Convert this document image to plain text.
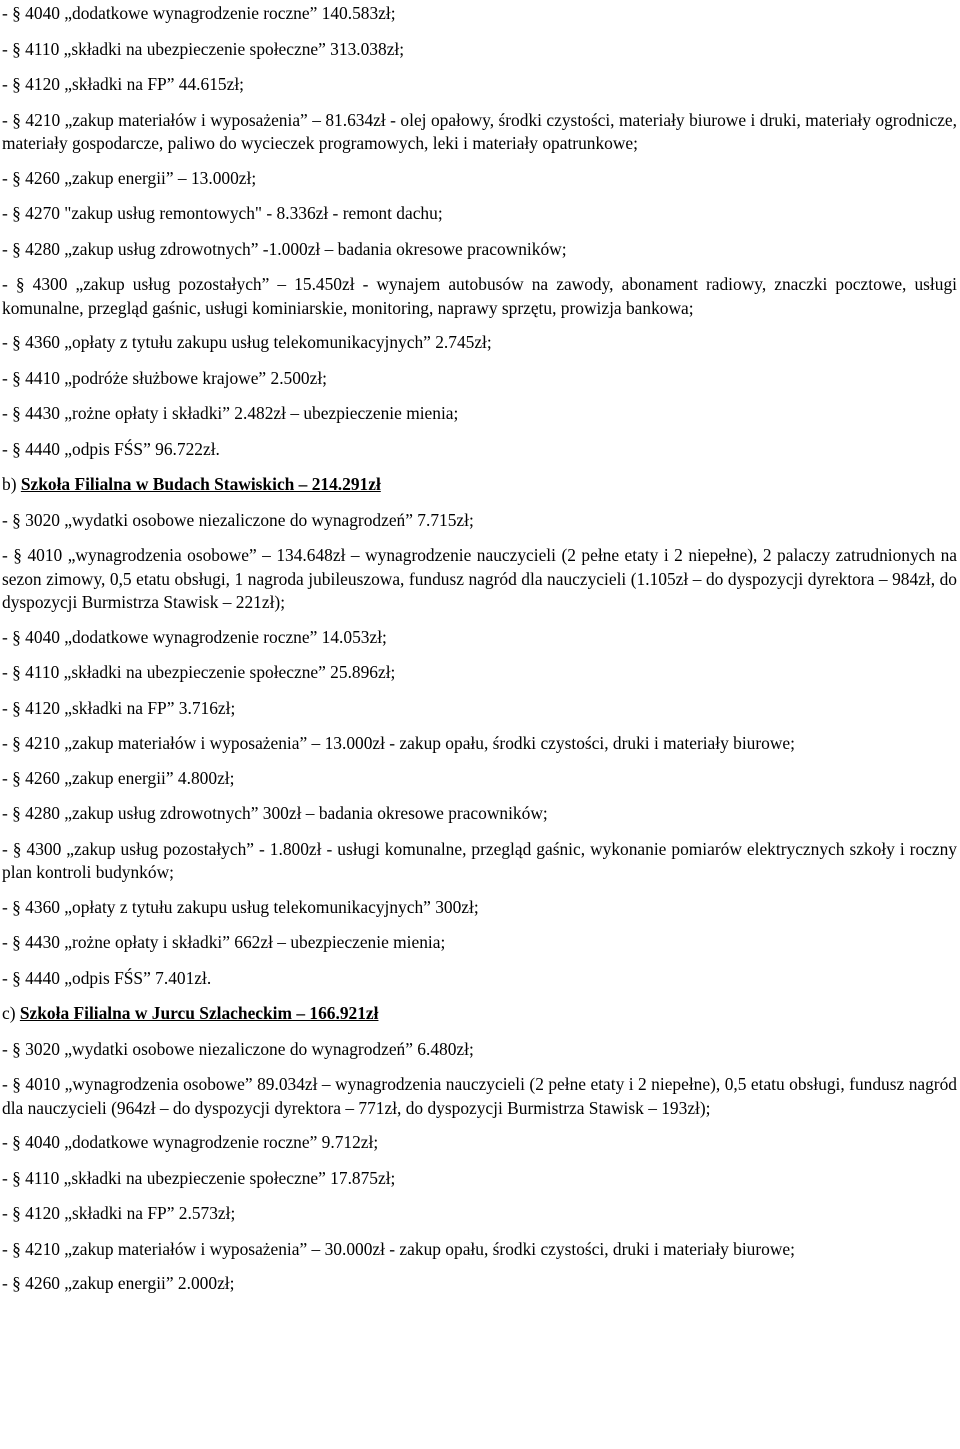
- § 4040 „dodatkowe wynagrodzenie roczne” 140.583zł;

- § 4110 „składki na ubezpieczenie społeczne” 313.038zł;

- § 4120 „składki na FP” 44.615zł;

- § 4210 „zakup materiałów i wyposażenia” – 81.634zł - olej opałowy, środki czystości, materiały biurowe i druki, materiały ogrodnicze, materiały gospodarcze, paliwo do wycieczek programowych, leki i materiały opatrunkowe;

- § 4260 „zakup energii” – 13.000zł;

- § 4270 "zakup usług remontowych" - 8.336zł - remont dachu;

- § 4280 „zakup usług zdrowotnych” -1.000zł – badania okresowe pracowników;

- § 4300 „zakup usług pozostałych” – 15.450zł - wynajem autobusów na zawody, abonament radiowy, znaczki pocztowe, usługi komunalne, przegląd gaśnic, usługi kominiarskie, monitoring, naprawy sprzętu, prowizja bankowa;

- § 4360 „opłaty z tytułu zakupu usług telekomunikacyjnych” 2.745zł;

- § 4410 „podróże służbowe krajowe” 2.500zł;

- § 4430 „rożne opłaty i składki” 2.482zł – ubezpieczenie mienia;

- § 4440 „odpis FŚS” 96.722zł.

b) Szkoła Filialna w Budach Stawiskich – 214.291zł

- § 3020 „wydatki osobowe niezaliczone do wynagrodzeń” 7.715zł;

- § 4010 „wynagrodzenia osobowe” – 134.648zł – wynagrodzenie nauczycieli (2 pełne etaty i 2 niepełne), 2 palaczy zatrudnionych na sezon zimowy, 0,5 etatu obsługi, 1 nagroda jubileuszowa, fundusz nagród dla nauczycieli (1.105zł – do dyspozycji dyrektora – 984zł, do dyspozycji Burmistrza Stawisk – 221zł);

- § 4040 „dodatkowe wynagrodzenie roczne” 14.053zł;

- § 4110 „składki na ubezpieczenie społeczne” 25.896zł;

- § 4120 „składki na FP” 3.716zł;

- § 4210 „zakup materiałów i wyposażenia” – 13.000zł - zakup opału, środki czystości, druki i materiały biurowe;

- § 4260 „zakup energii” 4.800zł;

- § 4280 „zakup usług zdrowotnych” 300zł – badania okresowe pracowników;

- § 4300 „zakup usług pozostałych” - 1.800zł - usługi komunalne, przegląd gaśnic, wykonanie pomiarów elektrycznych szkoły i roczny plan kontroli budynków;

- § 4360 „opłaty z tytułu zakupu usług telekomunikacyjnych” 300zł;

- § 4430 „rożne opłaty i składki” 662zł – ubezpieczenie mienia;

- § 4440 „odpis FŚS” 7.401zł.

c) Szkoła Filialna w Jurcu Szlacheckim – 166.921zł

- § 3020 „wydatki osobowe niezaliczone do wynagrodzeń” 6.480zł;

- § 4010 „wynagrodzenia osobowe” 89.034zł – wynagrodzenia nauczycieli (2 pełne etaty i 2 niepełne), 0,5 etatu obsługi, fundusz nagród dla nauczycieli (964zł – do dyspozycji dyrektora – 771zł, do dyspozycji Burmistrza Stawisk – 193zł);

- § 4040 „dodatkowe wynagrodzenie roczne” 9.712zł;

- § 4110 „składki na ubezpieczenie społeczne” 17.875zł;

- § 4120 „składki na FP” 2.573zł;

- § 4210 „zakup materiałów i wyposażenia” – 30.000zł - zakup opału, środki czystości, druki i materiały biurowe;

- § 4260 „zakup energii” 2.000zł;
